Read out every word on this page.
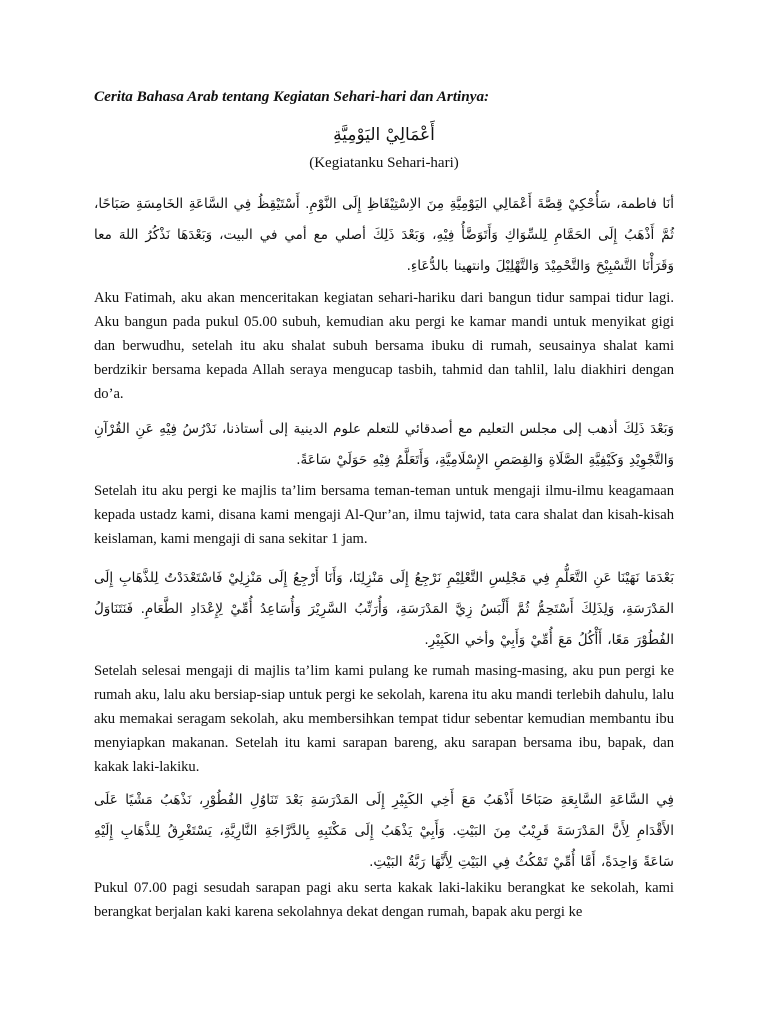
Cerita Bahasa Arab tentang Kegiatan Sehari-hari dan Artinya:
أَعْمَالِيْ اليَوْمِيَّةِ
(Kegiatanku Sehari-hari)

أنَا فاطمة، سَأُحْكِيْ قِصَّةَ أَعْمَالِي اليَوْمِيَّةِ مِنَ الاِسْتِيْقَاظِ إِلَى النَّوْمِ. أَسْتَيْقِظُ فِي السَّاعَةِ الخَامِسَةِ صَبَاحًا، ثُمَّ أَذْهَبُ إِلَى الحَمَّامِ لِلسِّوَاكِ وَأَتَوَضَّأُ فِيْهِ، وَبَعْدَ ذَلِكَ أصلي مع أمي في البيت، وَبَعْدَهَا نَذْكُرُ اللهَ معا وَقَرَأْنَا التَّسْبِيْحَ وَالتَّحْمِيْدَ وَالتَّهْلِيْلَ وانتهينا بالدُّعَاءِ.

Aku Fatimah, aku akan menceritakan kegiatan sehari-hariku dari bangun tidur sampai tidur lagi. Aku bangun pada pukul 05.00 subuh, kemudian aku pergi ke kamar mandi untuk menyikat gigi dan berwudhu, setelah itu aku shalat subuh bersama ibuku di rumah, seusainya shalat kami berdzikir bersama kepada Allah seraya mengucap tasbih, tahmid dan tahlil, lalu diakhiri dengan do’a.

وَبَعْدَ ذَلِكَ أذهب إلى مجلس التعليم مع أصدقائي للتعلم علوم الدينية إلى أستاذنا، نَدْرُسُ فِيْهِ عَنِ القُرْآنِ وَالتَّجْوِيْدِ وَكَيْفِيَّةِ الصَّلَاةِ وَالقِصَصِ الإِسْلَامِيَّةِ، وَأَتَعَلَّمُ فِيْهِ حَوَلَيْ سَاعَةً.

Setelah itu aku pergi ke majlis ta’lim bersama teman-teman untuk mengaji ilmu-ilmu keagamaan kepada ustadz kami, disana kami mengaji Al-Qur’an, ilmu tajwid, tata cara shalat dan kisah-kisah keislaman, kami mengaji di sana sekitar 1 jam.

بَعْدَمَا نَهَيْنَا عَنِ التَّعَلُّمِ فِي مَجْلِسِ التَّعْلِيْمِ نَرْجِعُ إِلَى مَنْزِلِنَا، وَأَنَا أَرْجِعُ إِلَى مَنْزِلِيْ فَاسْتَعْدَدْتُ لِلذَّهَابِ إِلَى المَدْرَسَةِ، وَلِذَلِكَ أَسْتَحِمُّ ثُمَّ أَلْبَسُ زِيَّ المَدْرَسَةِ، وَأُرَتِّبُ السَّرِيْرَ وَأُسَاعِدُ أُمِّيْ لِإِعْدَادِ الطَّعَامِ. فَنَتَنَاوَلُ الفُطُوْرَ مَعًا، أَأْكُلُ مَعَ أُمِّيْ وَأَبِيْ وأخي الكَبِيْرِ.

Setelah selesai mengaji di majlis ta’lim kami pulang ke rumah masing-masing, aku pun pergi ke rumah aku, lalu aku bersiap-siap untuk pergi ke sekolah, karena itu aku mandi terlebih dahulu, lalu aku memakai seragam sekolah, aku membersihkan tempat tidur sebentar kemudian membantu ibu menyiapkan makanan. Setelah itu kami sarapan bareng, aku sarapan bersama ibu, bapak, dan kakak laki-lakiku.

فِي السَّاعَةِ السَّابِعَةِ صَبَاحًا أَذْهَبُ مَعَ أَخِي الكَبِيْرِ إِلَى المَدْرَسَةِ بَعْدَ تَنَاوُلِ الفُطُوْرِ، نَذْهَبُ مَشْيًا عَلَى الأَقْدَامِ لِأَنَّ المَدْرَسَةَ قَرِيْبٌ مِنَ البَيْتِ. وَأَبِيْ يَذْهَبُ إِلَى مَكْتَبِهِ بِالدَّرَّاجَةِ النَّارِيَّةِ، يَسْتَغْرِقُ لِلذَّهَابِ إِلَيْهِ سَاعَةً وَاحِدَةً، أَمَّا أُمِّيْ تَمْكُثُ فِي البَيْتِ لِأَنَّهَا رَبَّةُ البَيْتِ.

Pukul 07.00 pagi sesudah sarapan pagi aku serta kakak laki-lakiku berangkat ke sekolah, kami berangkat berjalan kaki karena sekolahnya dekat dengan rumah, bapak aku pergi ke
